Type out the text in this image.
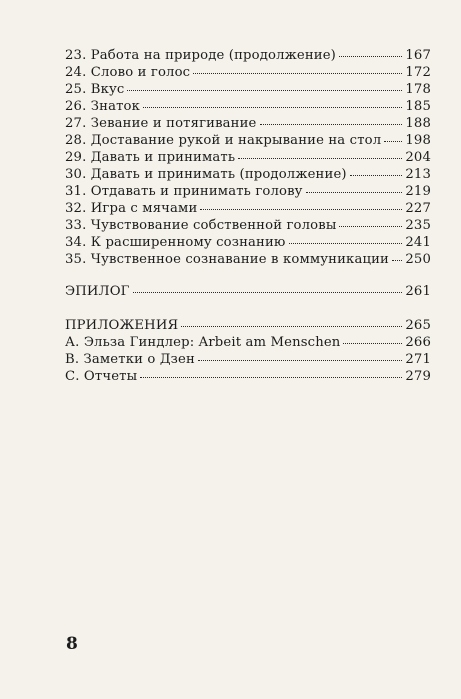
23. Работа на природе (продолжение)	167
24. Слово и голос	172
25. Вкус	178
26. Знаток	185
27. Зевание и потягивание	188
28. Доставание рукой и накрывание на стол 198
29. Давать и принимать	204
30. Давать и принимать (продолжение)	213
31. Отдавать и принимать голову	219
32. Игра с мячами	227
33. Чувствование собственной головы	235
34. К расширенному сознанию	241
35. Чувственное сознавание в коммуникации 250
ЭПИЛОГ	261
ПРИЛОЖЕНИЯ	265
А. Эльза Гиндлер: Arbeit am Menschen	266
В. Заметки о Дзен	271
С. Отчеты	279
8
